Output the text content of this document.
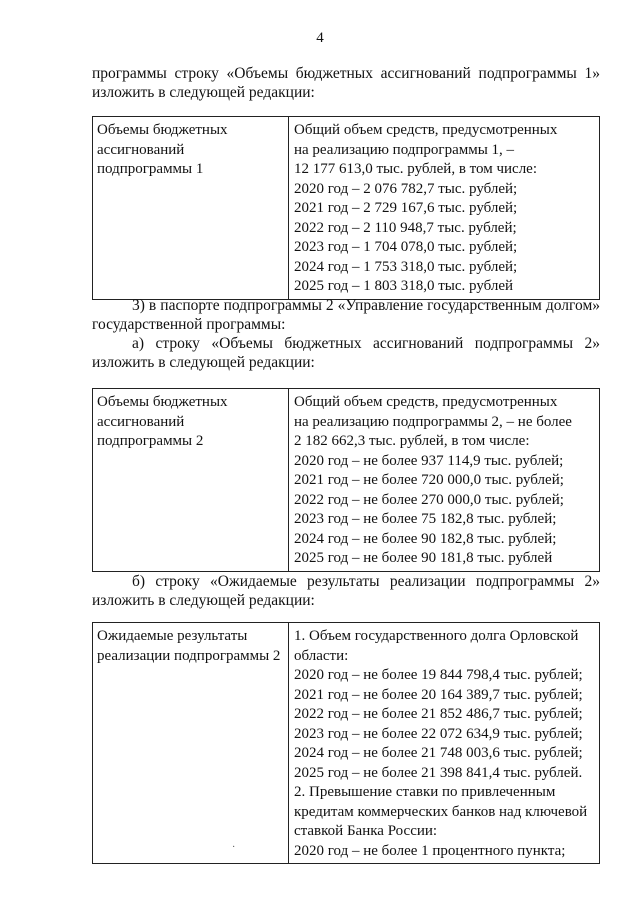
4
программы строку «Объемы бюджетных ассигнований подпрограммы 1»
изложить в следующей редакции:
Объемы бюджетных
ассигнований
подпрограммы 1

Общий объем средств, предусмотренных
на реализацию подпрограммы 1, –
12 177 613,0 тыс. рублей, в том числе:
2020 год – 2 076 782,7 тыс. рублей;
2021 год – 2 729 167,6 тыс. рублей;
2022 год – 2 110 948,7 тыс. рублей;
2023 год – 1 704 078,0 тыс. рублей;
2024 год – 1 753 318,0 тыс. рублей;
2025 год – 1 803 318,0 тыс. рублей
3) в паспорте подпрограммы 2 «Управление государственным долгом»
государственной программы:
а) строку «Объемы бюджетных ассигнований подпрограммы 2»
изложить в следующей редакции:
Объемы бюджетных
ассигнований
подпрограммы 2

Общий объем средств, предусмотренных
на реализацию подпрограммы 2, – не более
2 182 662,3 тыс. рублей, в том числе:
2020 год – не более 937 114,9 тыс. рублей;
2021 год – не более 720 000,0 тыс. рублей;
2022 год – не более 270 000,0 тыс. рублей;
2023 год – не более 75 182,8 тыс. рублей;
2024 год – не более 90 182,8 тыс. рублей;
2025 год – не более 90 181,8 тыс. рублей
б) строку «Ожидаемые результаты реализации подпрограммы 2»
изложить в следующей редакции:
Ожидаемые результаты
реализации подпрограммы 2

1. Объем государственного долга Орловской
области:
2020 год – не более 19 844 798,4 тыс. рублей;
2021 год – не более 20 164 389,7 тыс. рублей;
2022 год – не более 21 852 486,7 тыс. рублей;
2023 год – не более 22 072 634,9 тыс. рублей;
2024 год – не более 21 748 003,6 тыс. рублей;
2025 год – не более 21 398 841,4 тыс. рублей.
2. Превышение ставки по привлеченным
кредитам коммерческих банков над ключевой
ставкой Банка России:
2020 год – не более 1 процентного пункта;
·
